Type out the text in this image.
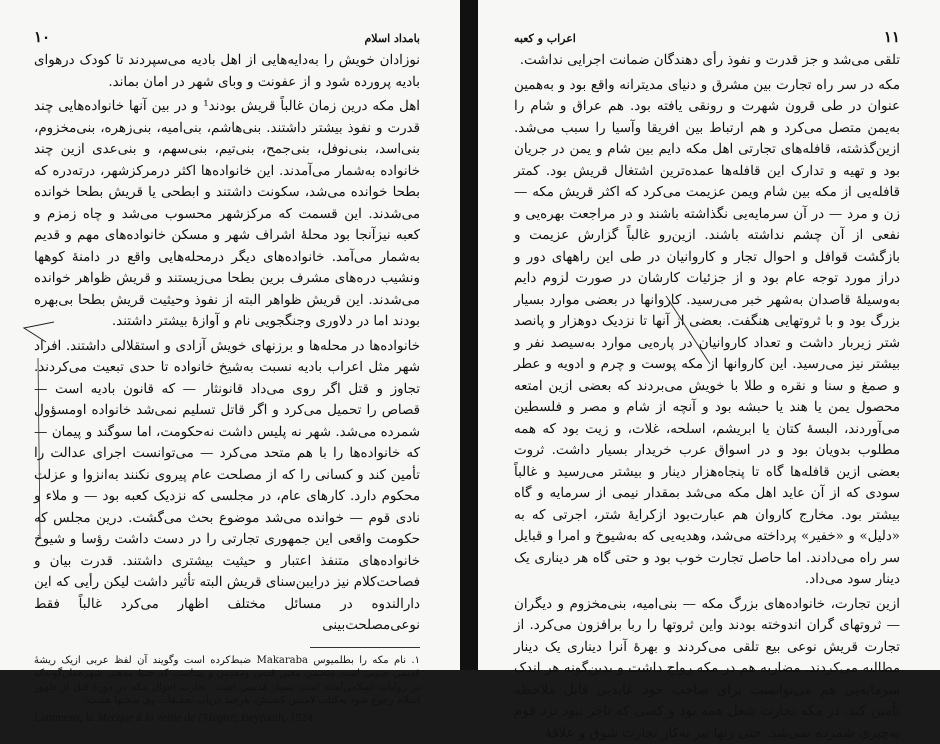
بامداد اسلام
۱۰

نوزادان خویش را به‌دایه‌هایی از اهل بادیه می‌سپردند تا کودک درهوای بادیه پرورده شود و از عفونت و وبای شهر در امان بماند.

اهل مکه درین زمان غالباً قریش بودند¹ و در بین آنها خانواده‌هایی چند قدرت و نفوذ بیشتر داشتند. بنی‌هاشم، بنی‌امیه، بنی‌زهره، بنی‌مخزوم، بنی‌اسد، بنی‌نوفل، بنی‌جمح، بنی‌تیم، بنی‌سهم، و بنی‌عدی ازین چند خانواده به‌شمار می‌آمدند. این خانواده‌ها اکثر درمرکزشهر، درته‌دره که بطحا خوانده می‌شد، سکونت داشتند و ابطحی یا قریش بطحا خوانده می‌شدند. این قسمت که مرکزشهر محسوب می‌شد و چاه زمزم و کعبه نیزآنجا بود محلهٔ اشراف شهر و مسکن خانواده‌های مهم و قدیم به‌شمار می‌آمد. خانواده‌های دیگر درمحله‌هایی واقع در دامنهٔ کوهها ونشیب دره‌های مشرف برین بطحا می‌زیستند و قریش ظواهر خوانده می‌شدند. این قریش ظواهر البته از نفوذ وحیثیت قریش بطحا بی‌بهره بودند اما در دلاوری وجنگجویی نام و آوازهٔ بیشتر داشتند.

خانواده‌ها در محله‌ها و برزنهای خویش آزادی و استقلالی داشتند. افراد شهر مثل اعراب بادیه نسبت به‌شیخ خانواده تا حدی تبعیت می‌کردند. تجاوز و قتل اگر روی می‌داد قانونثار — که قانون بادیه است — قصاص را تحمیل می‌کرد و اگر قاتل تسلیم نمی‌شد خانواده اومسؤول شمرده می‌شد. شهر نه پلیس داشت نه‌حکومت، اما سوگند و پیمان — که خانواده‌ها را با هم متحد می‌کرد — می‌توانست اجرای عدالت را تأمین کند و کسانی را که از مصلحت عام پیروی نکنند به‌انزوا و عزلت محکوم دارد. کارهای عام، در مجلسی که نزدیک کعبه بود — و ملاء و نادی قوم — خوانده می‌شد موضوع بحث می‌گشت. درین مجلس که حکومت واقعی این جمهوری تجارتی را در دست داشت رؤسا و شیوخ خانواده‌های متنفذ اعتبار و حیثیت بیشتری داشتند. قدرت بیان و فصاحت‌کلام نیز درایبن‌سنای قریش البته تأثیر داشت لیکن رأیی که این دارالندوه در مسائل مختلف اظهار می‌کرد غالباً فقط نوعی‌مصلحت‌بینی

۱. نام مکه را بطلمیوس Makaraba ضبط‌کرده است وگویند آن لفظ عربی ازیک ریشهٔ قدیمی جنوبی است متضمن معنی قدس ومقدس و پیداست که جنبهٔ مذهبی شهرهمان‌گونه‌که در روایات اسلامی‌آمده است بسیار قدیمی است. تجارب احوال مکه در دورهٔ قبل از ظهور اسلام رجوع شود به‌کتاب لامنس کشیش، هرچند درباب تحقیقات وی سخنها هست:

Lammens, la Mecque à la veille de l'Hegire, Beyrouth, 1924.

۱۱
اعراب و کعبه

تلقی می‌شد و جز قدرت و نفوذ رأی دهندگان ضمانت اجرایی نداشت.

مکه در سر راه تجارت بین مشرق و دنیای مدیترانه واقع بود و به‌همین عنوان در طی قرون شهرت و رونقی یافته بود. هم عراق و شام را به‌یمن متصل می‌کرد و هم ارتباط بین افریقا وآسیا را سبب می‌شد. ازین‌گذشته، قافله‌های تجارتی اهل مکه دایم بین شام و یمن در جریان بود و تهیه و تدارک این قافله‌ها عمده‌ترین اشتغال قریش بود. کمتر قافله‌یی از مکه بین شام ویمن عزیمت می‌کرد که اکثر قریش مکه — زن و مرد — در آن سرمایه‌یی نگذاشته باشند و در مراجعت بهره‌یی و نفعی از آن چشم نداشته باشند. ازین‌رو غالباً گزارش عزیمت و بازگشت قوافل و احوال تجار و کاروانیان در طی این راههای دور و دراز مورد توجه عام بود و از جزئیات کارشان در صورت لزوم دایم به‌وسیلهٔ قاصدان به‌شهر خبر می‌رسید. کاروانها در بعضی موارد بسیار بزرگ بود و با ثروتهایی هنگفت. بعضی از آنها تا نزدیک دوهزار و پانصد شتر زیربار داشت و تعداد کاروانیان در پاره‌یی موارد به‌سیصد نفر و بیشتر نیز می‌رسید. این کاروانها از مکه پوست و چرم و ادویه و عطر و صمغ و سنا و نقره و طلا با خویش می‌بردند که بعضی ازین امتعه محصول یمن یا هند یا حبشه بود و آنچه از شام و مصر و فلسطین می‌آوردند، البسهٔ کتان یا ابریشم، اسلحه، غلات، و زیت بود که همه مطلوب بدویان بود و در اسواق عرب خریدار بسیار داشت. ثروت بعضی ازین قافله‌ها گاه تا پنجاه‌هزار دینار و بیشتر می‌رسید و غالباً سودی که از آن عاید اهل مکه می‌شد بمقدار نیمی از سرمایه و گاه بیشتر بود. مخارج کاروان هم عبارت‌بود ازکرایهٔ شتر، اجرتی که به «دلیل» و «خفیر» پرداخته می‌شد، وهدیه‌یی که به‌شیوخ و امرا و قبایل سر راه می‌دادند. اما حاصل تجارت خوب بود و حتی گاه هر دیناری یک دینار سود می‌داد.

ازین تجارت، خانواده‌های بزرگ مکه — بنی‌امیه، بنی‌مخزوم و دیگران — ثروتهای گران اندوخته بودند واین ثروتها را ربا برافزون می‌کرد. از تجارت قریش نوعی بیع تلقی می‌کردند و بهرهٔ آنرا دیناری یک دینار مطالبه می‌کردند. مضاربه هم در مکه رواج داشت و بدین‌گونه هر اندک سرمایه‌یی هم می‌توانست برای صاحب خود عایدیی قابل ملاحظه تأمین کند. در مکه تجارت شغل همه بود و کسی که تاجر نبود نزد قوم به‌چیزی شمرده نمی‌شد. حتی زنها نیز به‌کار تجارت شوق و علاقهٔ
